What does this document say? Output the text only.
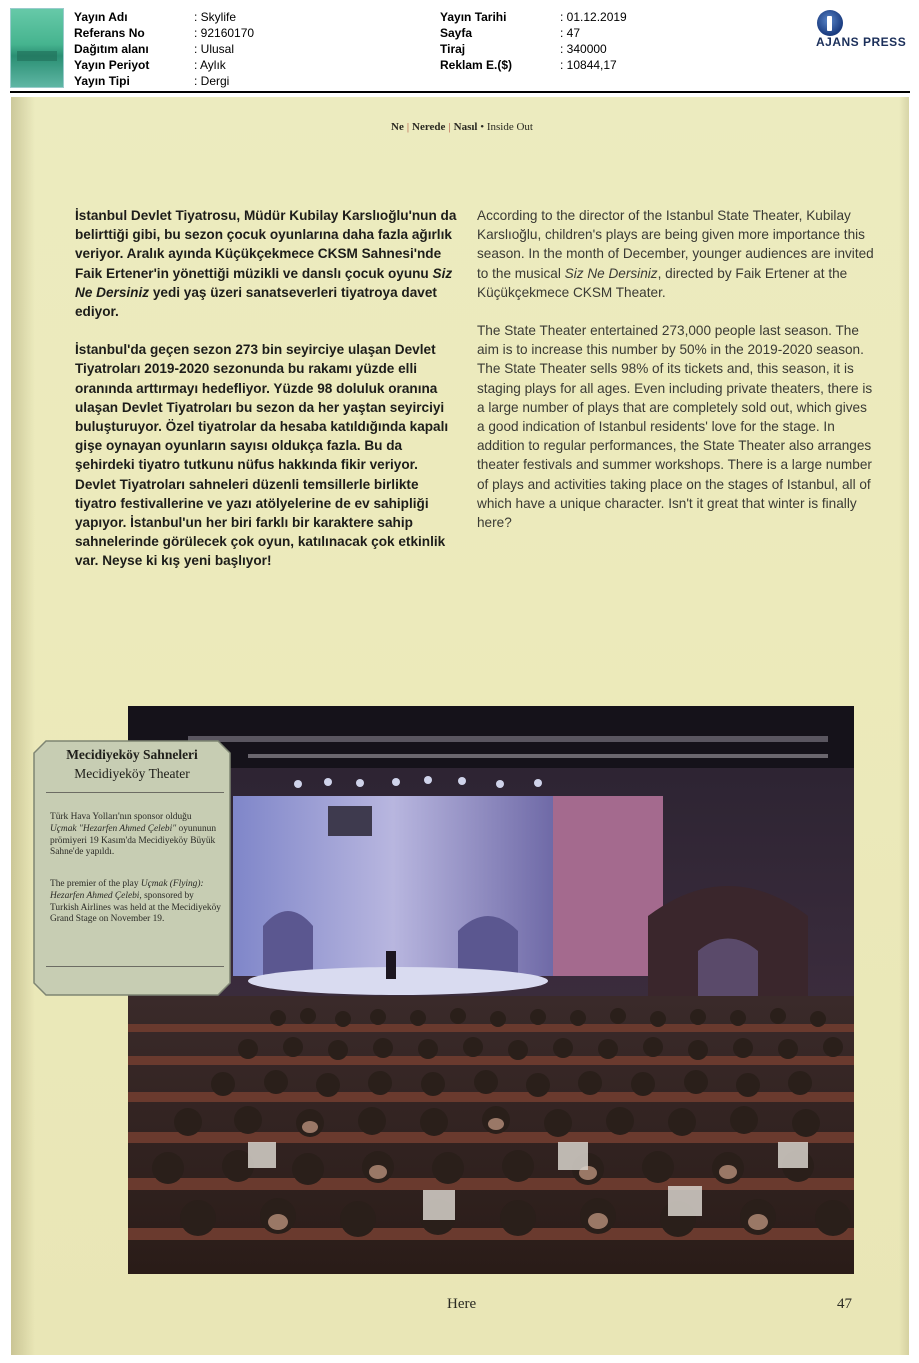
Yayın Adı	: Skylife
Referans No	: 92160170
Dağıtım alanı	: Ulusal
Yayın Periyot	: Aylık
Yayın Tipi	: Dergi
Yayın Tarihi	: 01.12.2019
Sayfa	: 47
Tiraj	: 340000
Reklam E.($)	: 10844,17
AJANS PRESS
Ne | Nerede | Nasıl • Inside Out

İstanbul Devlet Tiyatrosu, Müdür Kubilay Karslıoğlu'nun da belirttiği gibi, bu sezon çocuk oyunlarına daha fazla ağırlık veriyor. Aralık ayında Küçükçekmece CKSM Sahnesi'nde Faik Ertener'in yönettiği müzikli ve danslı çocuk oyunu Siz Ne Dersiniz yedi yaş üzeri sanatseverleri tiyatroya davet ediyor.

İstanbul'da geçen sezon 273 bin seyirciye ulaşan Devlet Tiyatroları 2019-2020 sezonunda bu rakamı yüzde elli oranında arttırmayı hedefliyor. Yüzde 98 doluluk oranına ulaşan Devlet Tiyatroları bu sezon da her yaştan seyirciyi buluşturuyor. Özel tiyatrolar da hesaba katıldığında kapalı gişe oynayan oyunların sayısı oldukça fazla. Bu da şehirdeki tiyatro tutkunu nüfus hakkında fikir veriyor. Devlet Tiyatroları sahneleri düzenli temsillerle birlikte tiyatro festivallerine ve yazı atölyelerine de ev sahipliği yapıyor. İstanbul'un her biri farklı bir karaktere sahip sahnelerinde görülecek çok oyun, katılınacak çok etkinlik var. Neyse ki kış yeni başlıyor!

According to the director of the Istanbul State Theater, Kubilay Karslıoğlu, children's plays are being given more importance this season. In the month of December, younger audiences are invited to the musical Siz Ne Dersiniz, directed by Faik Ertener at the Küçükçekmece CKSM Theater.

The State Theater entertained 273,000 people last season. The aim is to increase this number by 50% in the 2019-2020 season. The State Theater sells 98% of its tickets and, this season, it is staging plays for all ages. Even including private theaters, there is a large number of plays that are completely sold out, which gives a good indication of Istanbul residents' love for the stage. In addition to regular performances, the State Theater also arranges theater festivals and summer workshops. There is a large number of plays and activities taking place on the stages of Istanbul, all of which have a unique character. Isn't it great that winter is finally here?

Mecidiyeköy Sahneleri
Mecidiyeköy Theater
Türk Hava Yolları'nın sponsor olduğu Uçmak "Hezarfen Ahmed Çelebi" oyununun prömiyeri 19 Kasım'da Mecidiyeköy Büyük Sahne'de yapıldı.
The premier of the play Uçmak (Flying): Hezarfen Ahmed Çelebi, sponsored by Turkish Airlines was held at the Mecidiyeköy Grand Stage on November 19.
Here	47
